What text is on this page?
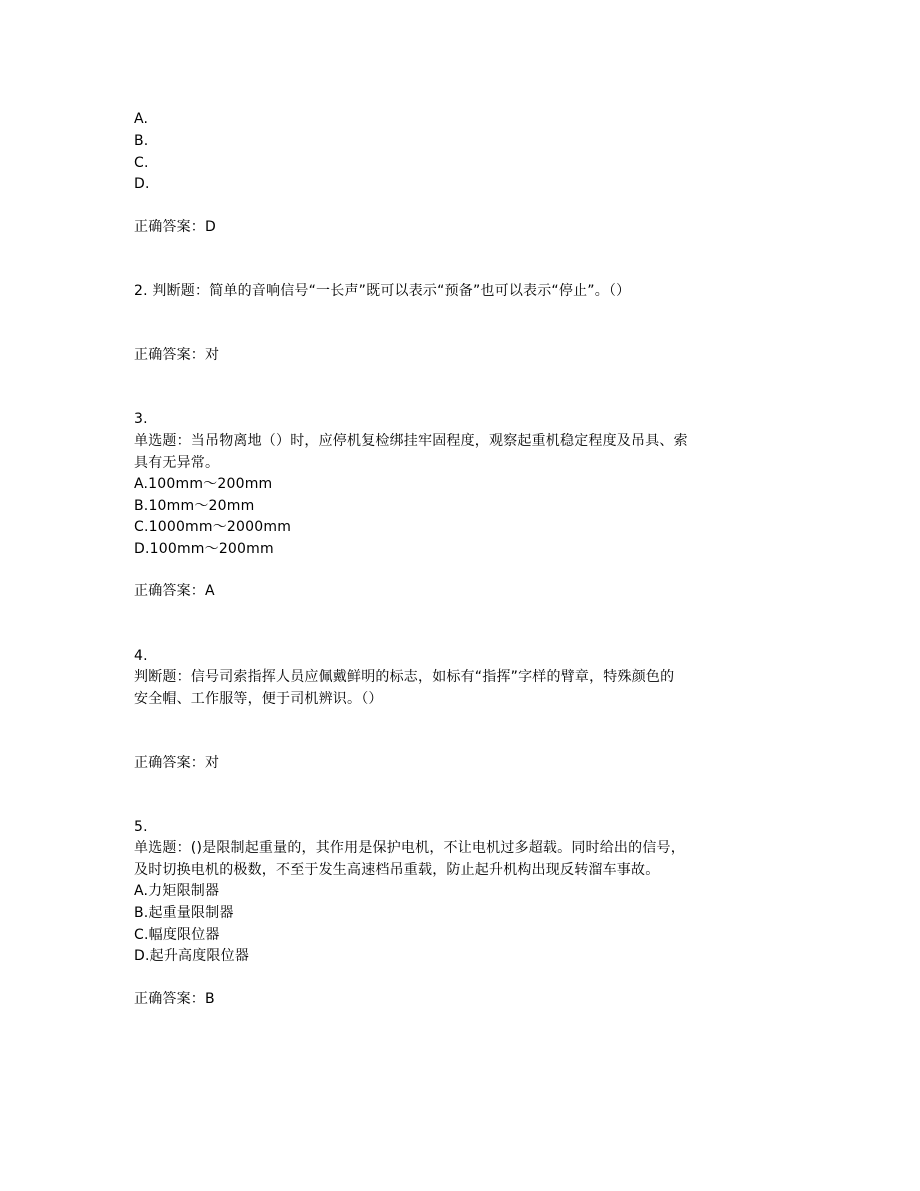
A.
B.
C.
D.
正确答案：D
2. 判断题：简单的音响信号“一长声”既可以表示“预备”也可以表示“停止”。（）
正确答案：对
3.
单选题：当吊物离地（）时，应停机复检绑挂牢固程度，观察起重机稳定程度及吊具、索
具有无异常。
A.100mm～200mm
B.10mm～20mm
C.1000mm～2000mm
D.100mm～200mm
正确答案：A
4.
判断题：信号司索指挥人员应佩戴鲜明的标志，如标有“指挥”字样的臂章，特殊颜色的
安全帽、工作服等，便于司机辨识。（）
正确答案：对
5.
单选题：()是限制起重量的，其作用是保护电机，不让电机过多超载。同时给出的信号，
及时切换电机的极数，不至于发生高速档吊重载，防止起升机构出现反转溜车事故。
A.力矩限制器
B.起重量限制器
C.幅度限位器
D.起升高度限位器
正确答案：B
